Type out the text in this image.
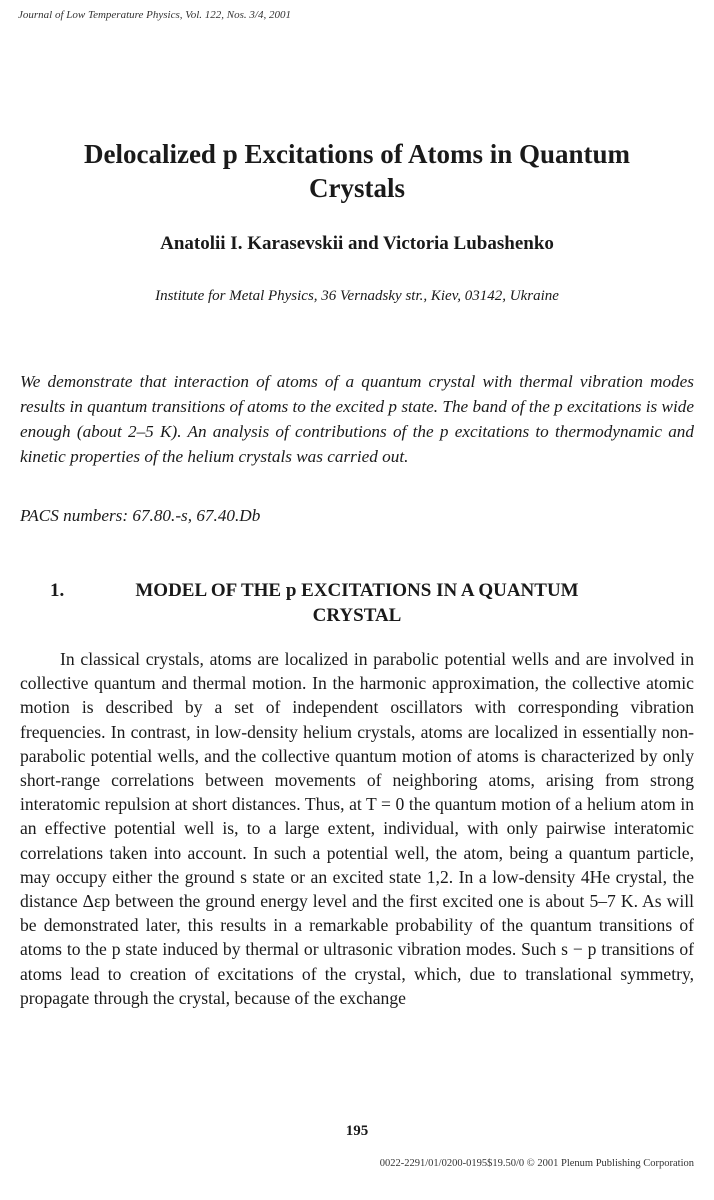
Journal of Low Temperature Physics, Vol. 122, Nos. 3/4, 2001
Delocalized p Excitations of Atoms in Quantum
Crystals
Anatolii I. Karasevskii and Victoria Lubashenko
Institute for Metal Physics, 36 Vernadsky str., Kiev, 03142, Ukraine
We demonstrate that interaction of atoms of a quantum crystal with thermal vibration modes results in quantum transitions of atoms to the excited p state. The band of the p excitations is wide enough (about 2–5 K). An analysis of contributions of the p excitations to thermodynamic and kinetic properties of the helium crystals was carried out.
PACS numbers: 67.80.-s, 67.40.Db
1.	MODEL OF THE p EXCITATIONS IN A QUANTUM
CRYSTAL

In classical crystals, atoms are localized in parabolic potential wells and are involved in collective quantum and thermal motion. In the harmonic approximation, the collective atomic motion is described by a set of independent oscillators with corresponding vibration frequencies. In contrast, in low-density helium crystals, atoms are localized in essentially non-parabolic potential wells, and the collective quantum motion of atoms is characterized by only short-range correlations between movements of neighboring atoms, arising from strong interatomic repulsion at short distances. Thus, at T = 0 the quantum motion of a helium atom in an effective potential well is, to a large extent, individual, with only pairwise interatomic correlations taken into account. In such a potential well, the atom, being a quantum particle, may occupy either the ground s state or an excited state 1,2. In a low-density 4He crystal, the distance Δεp between the ground energy level and the first excited one is about 5–7 K. As will be demonstrated later, this results in a remarkable probability of the quantum transitions of atoms to the p state induced by thermal or ultrasonic vibration modes. Such s − p transitions of atoms lead to creation of excitations of the crystal, which, due to translational symmetry, propagate through the crystal, because of the exchange

195
0022-2291/01/0200-0195$19.50/0 © 2001 Plenum Publishing Corporation
